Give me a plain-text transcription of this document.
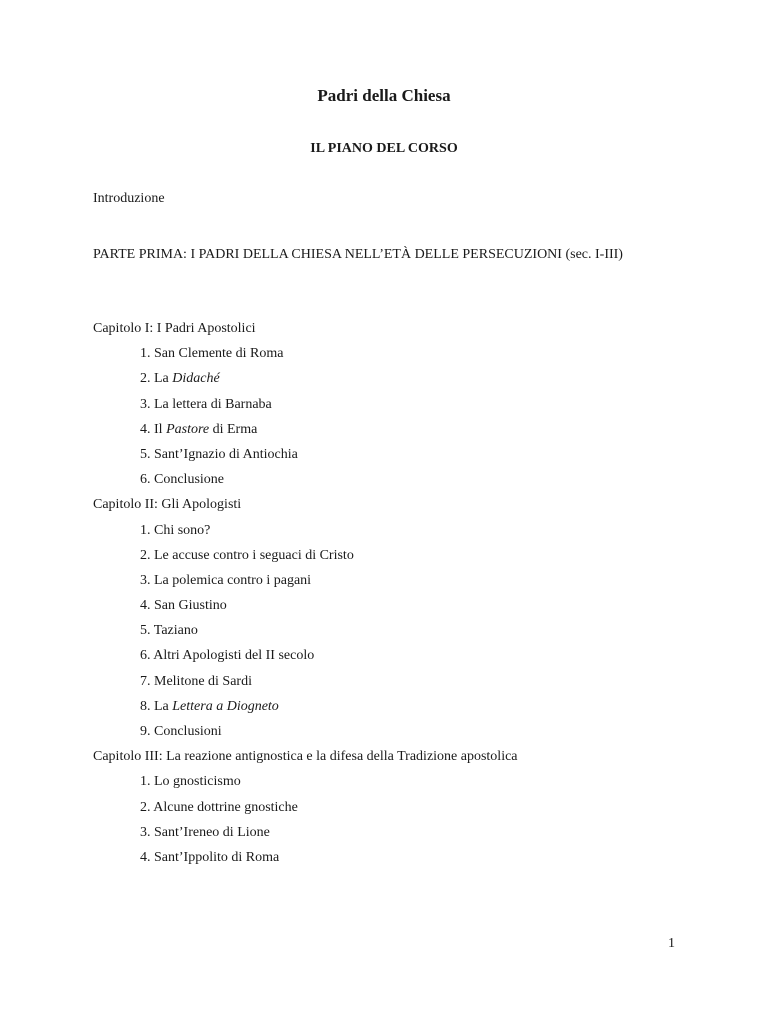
Padri della Chiesa
IL PIANO DEL CORSO
Introduzione
PARTE PRIMA: I PADRI DELLA CHIESA NELL’ETÀ DELLE PERSECUZIONI (sec. I-III)
Capitolo I: I Padri Apostolici
1. San Clemente di Roma
2. La Didaché
3. La lettera di Barnaba
4. Il Pastore di Erma
5. Sant’Ignazio di Antiochia
6. Conclusione
Capitolo II: Gli Apologisti
1. Chi sono?
2. Le accuse contro i seguaci di Cristo
3. La polemica contro i pagani
4. San Giustino
5. Taziano
6. Altri Apologisti del II secolo
7. Melitone di Sardi
8. La Lettera a Diogneto
9. Conclusioni
Capitolo III: La reazione antignostica e la difesa della Tradizione apostolica
1. Lo gnosticismo
2. Alcune dottrine gnostiche
3. Sant’Ireneo di Lione
4. Sant’Ippolito di Roma
1
